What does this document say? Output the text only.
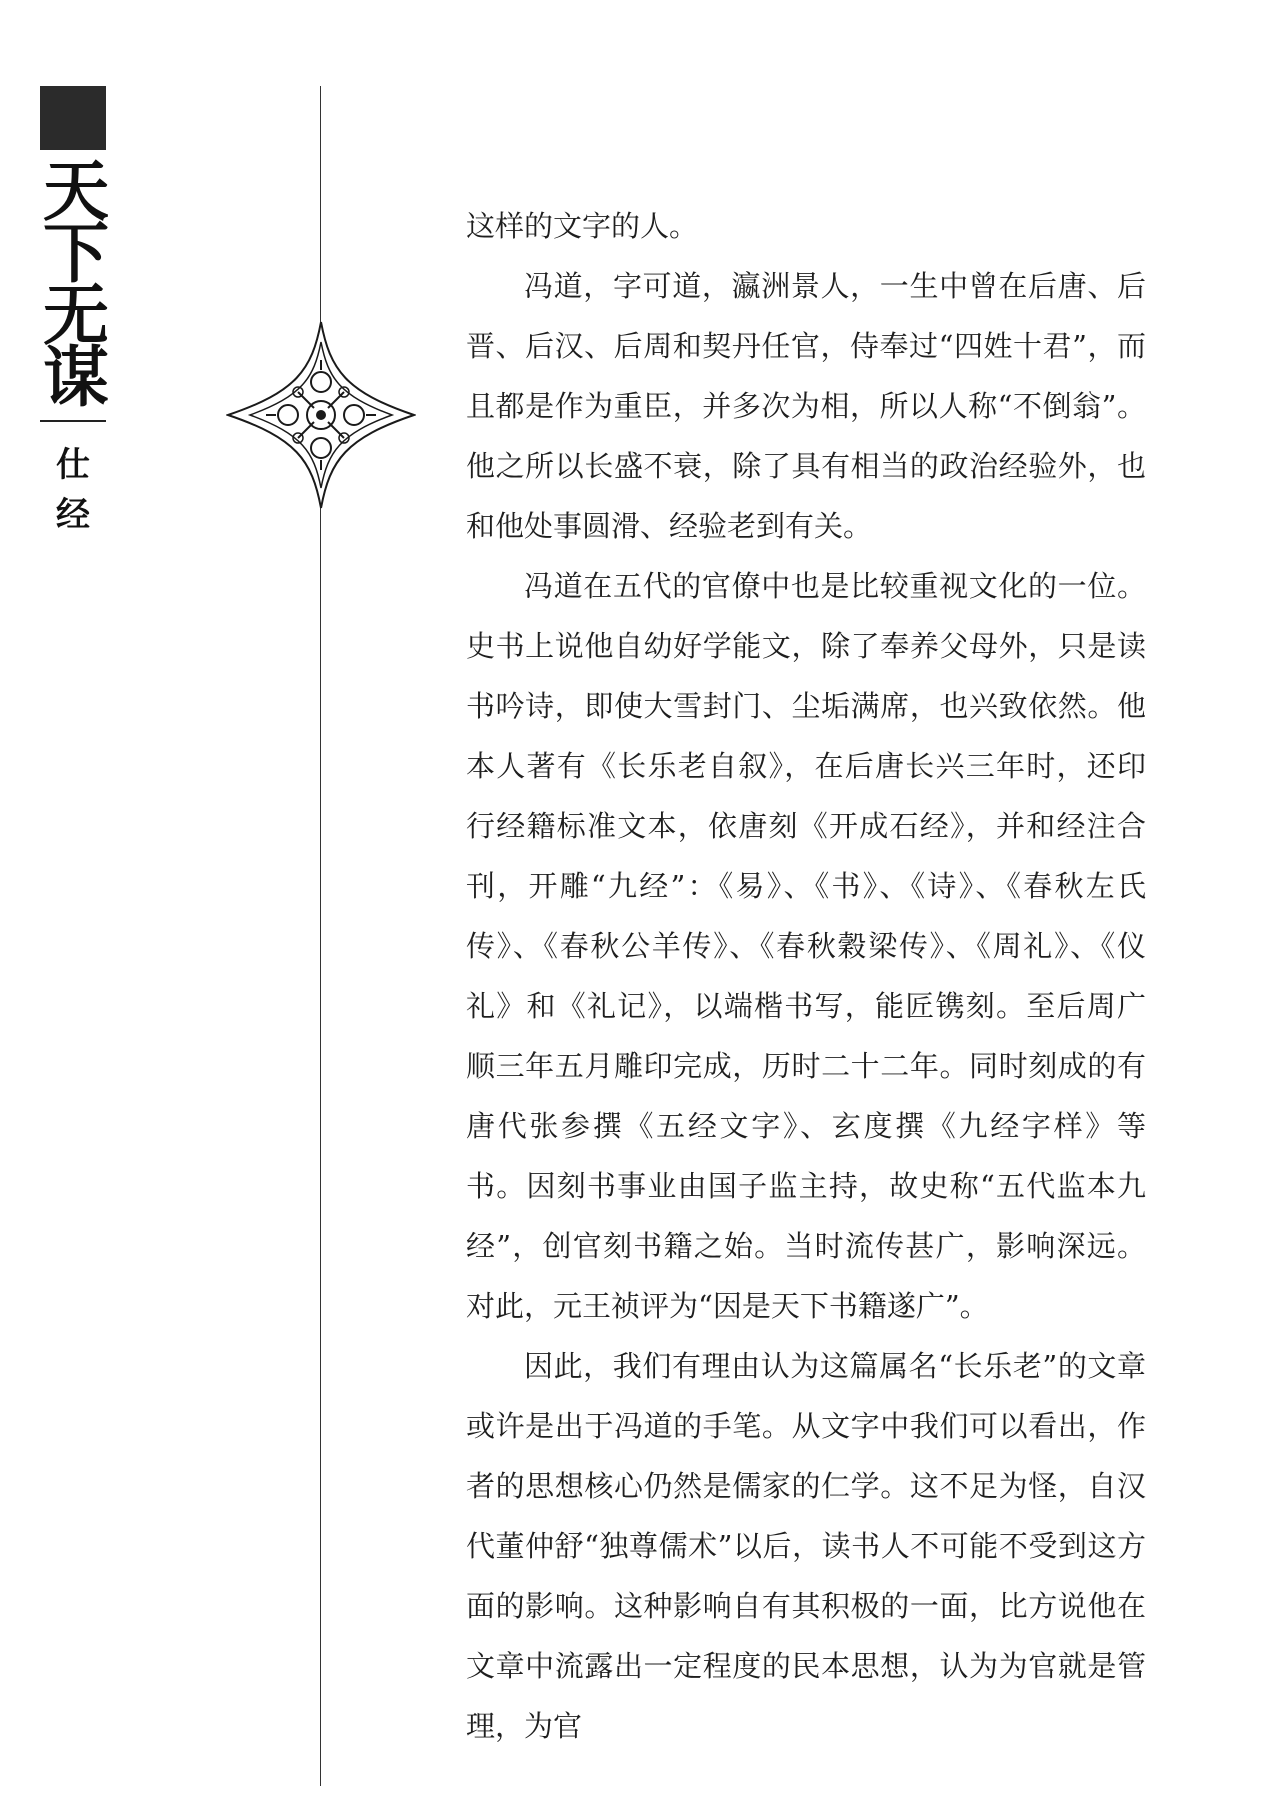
天下无谋
仕经

这样的文字的人。

冯道，字可道，瀛洲景人，一生中曾在后唐、后晋、后汉、后周和契丹任官，侍奉过“四姓十君”，而且都是作为重臣，并多次为相，所以人称“不倒翁”。他之所以长盛不衰，除了具有相当的政治经验外，也和他处事圆滑、经验老到有关。

冯道在五代的官僚中也是比较重视文化的一位。史书上说他自幼好学能文，除了奉养父母外，只是读书吟诗，即使大雪封门、尘垢满席，也兴致依然。他本人著有《长乐老自叙》，在后唐长兴三年时，还印行经籍标准文本，依唐刻《开成石经》，并和经注合刊，开雕“九经”：《易》、《书》、《诗》、《春秋左氏传》、《春秋公羊传》、《春秋穀梁传》、《周礼》、《仪礼》和《礼记》，以端楷书写，能匠镌刻。至后周广顺三年五月雕印完成，历时二十二年。同时刻成的有唐代张参撰《五经文字》、玄度撰《九经字样》等书。因刻书事业由国子监主持，故史称“五代监本九经”，创官刻书籍之始。当时流传甚广，影响深远。对此，元王祯评为“因是天下书籍遂广”。

因此，我们有理由认为这篇属名“长乐老”的文章或许是出于冯道的手笔。从文字中我们可以看出，作者的思想核心仍然是儒家的仁学。这不足为怪，自汉代董仲舒“独尊儒术”以后，读书人不可能不受到这方面的影响。这种影响自有其积极的一面，比方说他在文章中流露出一定程度的民本思想，认为为官就是管理，为官
